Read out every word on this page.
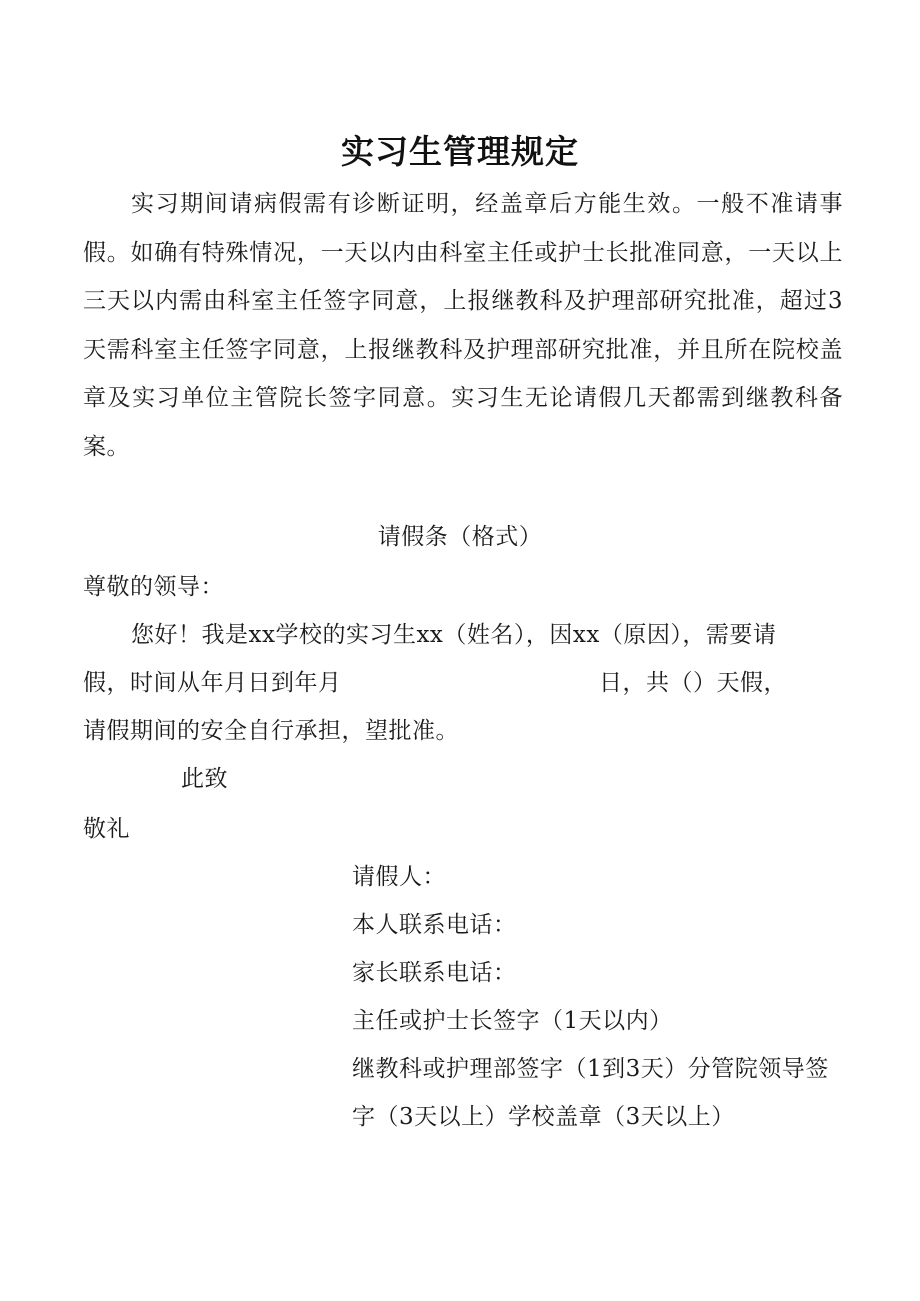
实习生管理规定

实习期间请病假需有诊断证明，经盖章后方能生效。一般不准请事假。如确有特殊情况，一天以内由科室主任或护士长批准同意，一天以上三天以内需由科室主任签字同意，上报继教科及护理部研究批准，超过3天需科室主任签字同意，上报继教科及护理部研究批准，并且所在院校盖章及实习单位主管院长签字同意。实习生无论请假几天都需到继教科备案。

请假条（格式）

尊敬的领导：

您好！我是xx学校的实习生xx（姓名），因xx（原因），需要请

假，时间从年月日到年月	日，共（）天假，

请假期间的安全自行承担，望批准。

此致

敬礼

请假人：

本人联系电话：

家长联系电话：

主任或护士长签字（1天以内）

继教科或护理部签字（1到3天）分管院领导签

字（3天以上）学校盖章（3天以上）
